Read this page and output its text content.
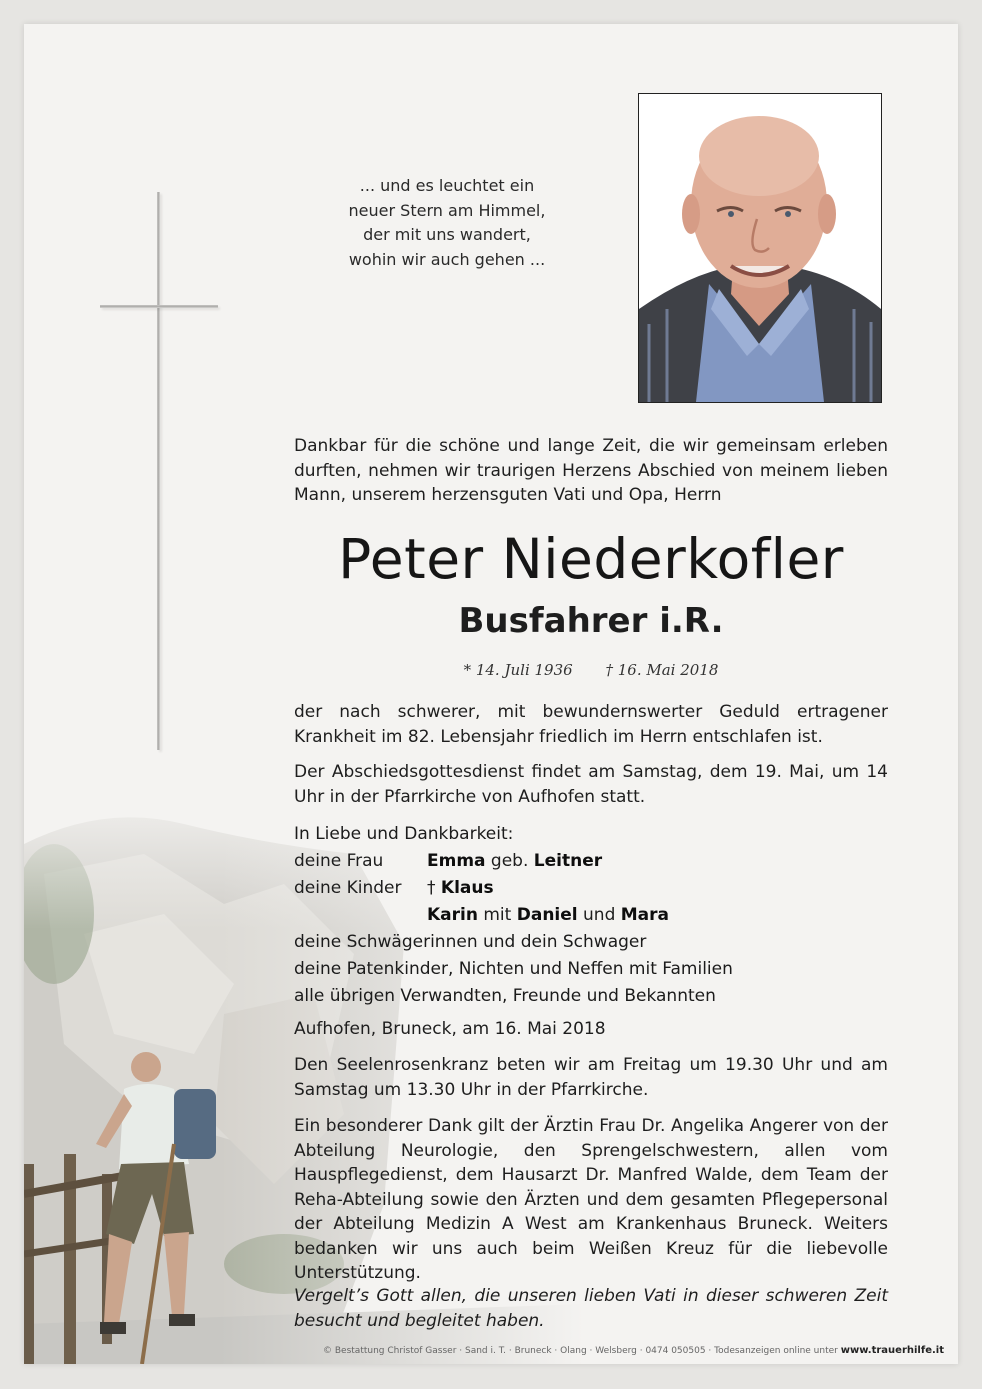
... und es leuchtet ein
neuer Stern am Himmel,
der mit uns wandert,
wohin wir auch gehen ...

Dankbar für die schöne und lange Zeit, die wir gemeinsam erleben durften, nehmen wir traurigen Herzens Abschied von meinem lieben Mann, unserem herzensguten Vati und Opa, Herrn

Peter Niederkofler
Busfahrer i.R.

* 14. Juli 1936 † 16. Mai 2018

der nach schwerer, mit bewundernswerter Geduld ertragener Krankheit im 82. Lebensjahr friedlich im Herrn entschlafen ist.

Der Abschiedsgottesdienst findet am Samstag, dem 19. Mai, um 14 Uhr in der Pfarrkirche von Aufhofen statt.

In Liebe und Dankbarkeit:
deine Frau	Emma geb. Leitner
deine Kinder	† Klaus
Karin mit Daniel und Mara
deine Schwägerinnen und dein Schwager
deine Patenkinder, Nichten und Neffen mit Familien
alle übrigen Verwandten, Freunde und Bekannten

Aufhofen, Bruneck, am 16. Mai 2018

Den Seelenrosenkranz beten wir am Freitag um 19.30 Uhr und am Samstag um 13.30 Uhr in der Pfarrkirche.

Ein besonderer Dank gilt der Ärztin Frau Dr. Angelika Angerer von der Abteilung Neurologie, den Sprengelschwestern, allen vom Hauspflegedienst, dem Hausarzt Dr. Manfred Walde, dem Team der Reha-Abteilung sowie den Ärzten und dem gesamten Pflegepersonal der Abteilung Medizin A West am Krankenhaus Bruneck. Weiters bedanken wir uns auch beim Weißen Kreuz für die liebevolle Unterstützung.

Vergelt’s Gott allen, die unseren lieben Vati in dieser schweren Zeit besucht und begleitet haben.

© Bestattung Christof Gasser · Sand i. T. · Bruneck · Olang · Welsberg · 0474 050505 · Todesanzeigen online unter www.trauerhilfe.it
